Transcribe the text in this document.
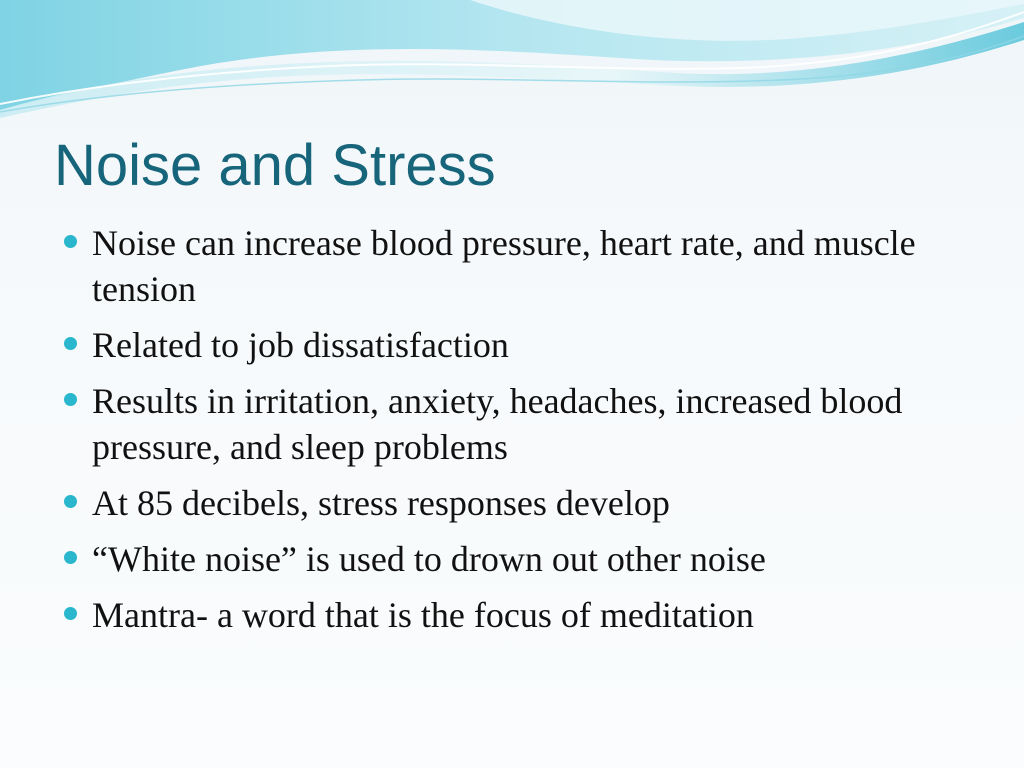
Noise and Stress
Noise can increase blood pressure, heart rate, and muscle tension
Related to job dissatisfaction
Results in irritation, anxiety, headaches, increased blood pressure, and sleep problems
At 85 decibels, stress responses develop
“White noise” is used to drown out other noise
Mantra- a word that is the focus of meditation
